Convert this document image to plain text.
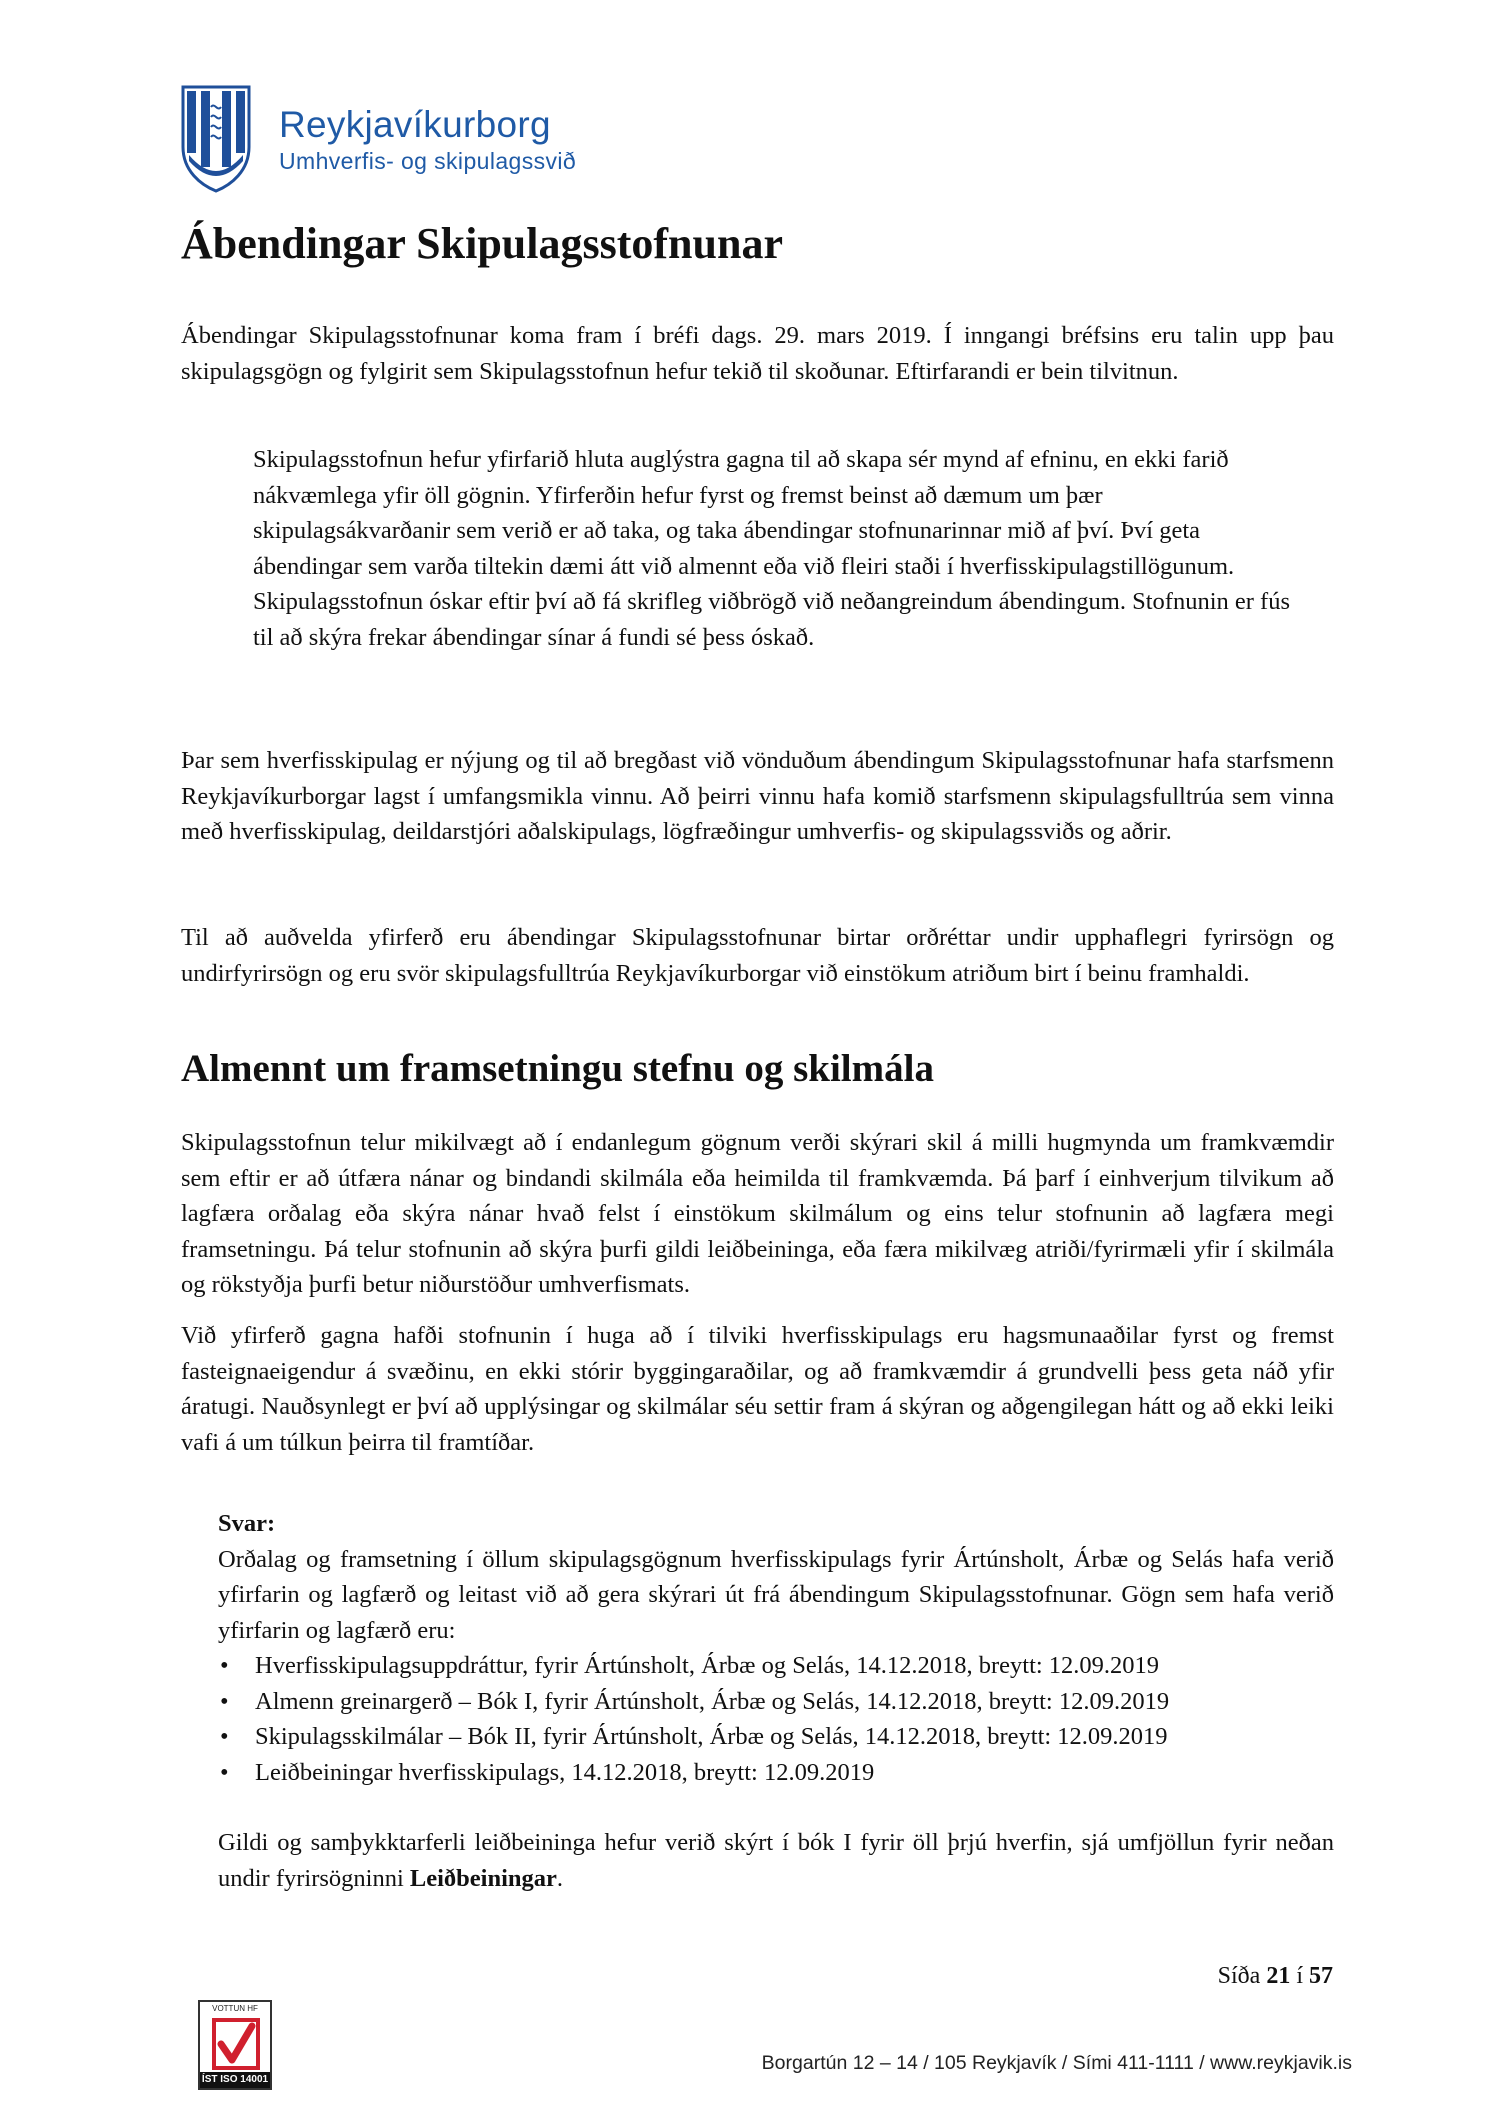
Reykjavíkurborg
Umhverfis- og skipulagssvið
Ábendingar Skipulagsstofnunar

Ábendingar Skipulagsstofnunar koma fram í bréfi dags. 29. mars 2019. Í inngangi bréfsins eru talin upp þau skipulagsgögn og fylgirit sem Skipulagsstofnun hefur tekið til skoðunar. Eftirfarandi er bein tilvitnun.

Skipulagsstofnun hefur yfirfarið hluta auglýstra gagna til að skapa sér mynd af efninu, en ekki farið nákvæmlega yfir öll gögnin. Yfirferðin hefur fyrst og fremst beinst að dæmum um þær skipulagsákvarðanir sem verið er að taka, og taka ábendingar stofnunarinnar mið af því. Því geta ábendingar sem varða tiltekin dæmi átt við almennt eða við fleiri staði í hverfisskipulagstillögunum. Skipulagsstofnun óskar eftir því að fá skrifleg viðbrögð við neðangreindum ábendingum. Stofnunin er fús til að skýra frekar ábendingar sínar á fundi sé þess óskað.

Þar sem hverfisskipulag er nýjung og til að bregðast við vönduðum ábendingum Skipulagsstofnunar hafa starfsmenn Reykjavíkurborgar lagst í umfangsmikla vinnu. Að þeirri vinnu hafa komið starfsmenn skipulagsfulltrúa sem vinna með hverfisskipulag, deildarstjóri aðalskipulags, lögfræðingur umhverfis- og skipulagssviðs og aðrir.

Til að auðvelda yfirferð eru ábendingar Skipulagsstofnunar birtar orðréttar undir upphaflegri fyrirsögn og undirfyrirsögn og eru svör skipulagsfulltrúa Reykjavíkurborgar við einstökum atriðum birt í beinu framhaldi.

Almennt um framsetningu stefnu og skilmála

Skipulagsstofnun telur mikilvægt að í endanlegum gögnum verði skýrari skil á milli hugmynda um framkvæmdir sem eftir er að útfæra nánar og bindandi skilmála eða heimilda til framkvæmda. Þá þarf í einhverjum tilvikum að lagfæra orðalag eða skýra nánar hvað felst í einstökum skilmálum og eins telur stofnunin að lagfæra megi framsetningu. Þá telur stofnunin að skýra þurfi gildi leiðbeininga, eða færa mikilvæg atriði/fyrirmæli yfir í skilmála og rökstyðja þurfi betur niðurstöður umhverfismats.

Við yfirferð gagna hafði stofnunin í huga að í tilviki hverfisskipulags eru hagsmunaaðilar fyrst og fremst fasteignaeigendur á svæðinu, en ekki stórir byggingaraðilar, og að framkvæmdir á grundvelli þess geta náð yfir áratugi. Nauðsynlegt er því að upplýsingar og skilmálar séu settir fram á skýran og aðgengilegan hátt og að ekki leiki vafi á um túlkun þeirra til framtíðar.

Svar:

Orðalag og framsetning í öllum skipulagsgögnum hverfisskipulags fyrir Ártúnsholt, Árbæ og Selás hafa verið yfirfarin og lagfærð og leitast við að gera skýrari út frá ábendingum Skipulagsstofnunar. Gögn sem hafa verið yfirfarin og lagfærð eru:

• Hverfisskipulagsuppdráttur, fyrir Ártúnsholt, Árbæ og Selás, 14.12.2018, breytt: 12.09.2019
• Almenn greinargerð – Bók I, fyrir Ártúnsholt, Árbæ og Selás, 14.12.2018, breytt: 12.09.2019
• Skipulagsskilmálar – Bók II, fyrir Ártúnsholt, Árbæ og Selás, 14.12.2018, breytt: 12.09.2019
• Leiðbeiningar hverfisskipulags, 14.12.2018, breytt: 12.09.2019

Gildi og samþykktarferli leiðbeininga hefur verið skýrt í bók I fyrir öll þrjú hverfin, sjá umfjöllun fyrir neðan undir fyrirsögninni Leiðbeiningar.

Síða 21 í 57
VOTTUN HF
ÍST ISO 14001
Borgartún 12 – 14 / 105 Reykjavík / Sími 411-1111 / www.reykjavik.is
